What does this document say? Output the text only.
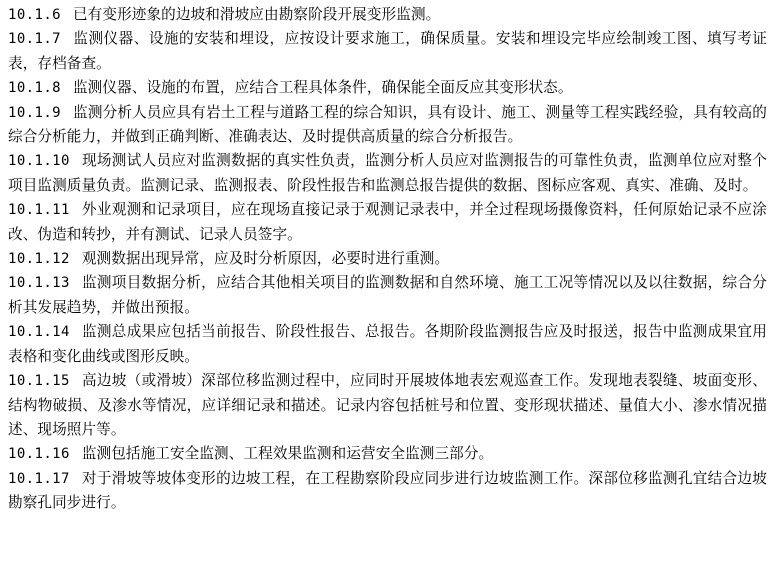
10.1.6 已有变形迹象的边坡和滑坡应由勘察阶段开展变形监测。

10.1.7 监测仪器、设施的安装和埋设，应按设计要求施工，确保质量。安装和埋设完毕应绘制竣工图、填写考证表，存档备查。

10.1.8 监测仪器、设施的布置，应结合工程具体条件，确保能全面反应其变形状态。

10.1.9 监测分析人员应具有岩土工程与道路工程的综合知识，具有设计、施工、测量等工程实践经验，具有较高的综合分析能力，并做到正确判断、准确表达、及时提供高质量的综合分析报告。

10.1.10 现场测试人员应对监测数据的真实性负责，监测分析人员应对监测报告的可靠性负责，监测单位应对整个项目监测质量负责。监测记录、监测报表、阶段性报告和监测总报告提供的数据、图标应客观、真实、准确、及时。

10.1.11 外业观测和记录项目，应在现场直接记录于观测记录表中，并全过程现场摄像资料，任何原始记录不应涂改、伪造和转抄，并有测试、记录人员签字。

10.1.12 观测数据出现异常，应及时分析原因，必要时进行重测。

10.1.13 监测项目数据分析，应结合其他相关项目的监测数据和自然环境、施工工况等情况以及以往数据，综合分析其发展趋势，并做出预报。

10.1.14 监测总成果应包括当前报告、阶段性报告、总报告。各期阶段监测报告应及时报送，报告中监测成果宜用表格和变化曲线或图形反映。

10.1.15 高边坡（或滑坡）深部位移监测过程中，应同时开展坡体地表宏观巡查工作。发现地表裂缝、坡面变形、结构物破损、及渗水等情况，应详细记录和描述。记录内容包括桩号和位置、变形现状描述、量值大小、渗水情况描述、现场照片等。

10.1.16 监测包括施工安全监测、工程效果监测和运营安全监测三部分。

10.1.17 对于滑坡等坡体变形的边坡工程，在工程勘察阶段应同步进行边坡监测工作。深部位移监测孔宜结合边坡勘察孔同步进行。
